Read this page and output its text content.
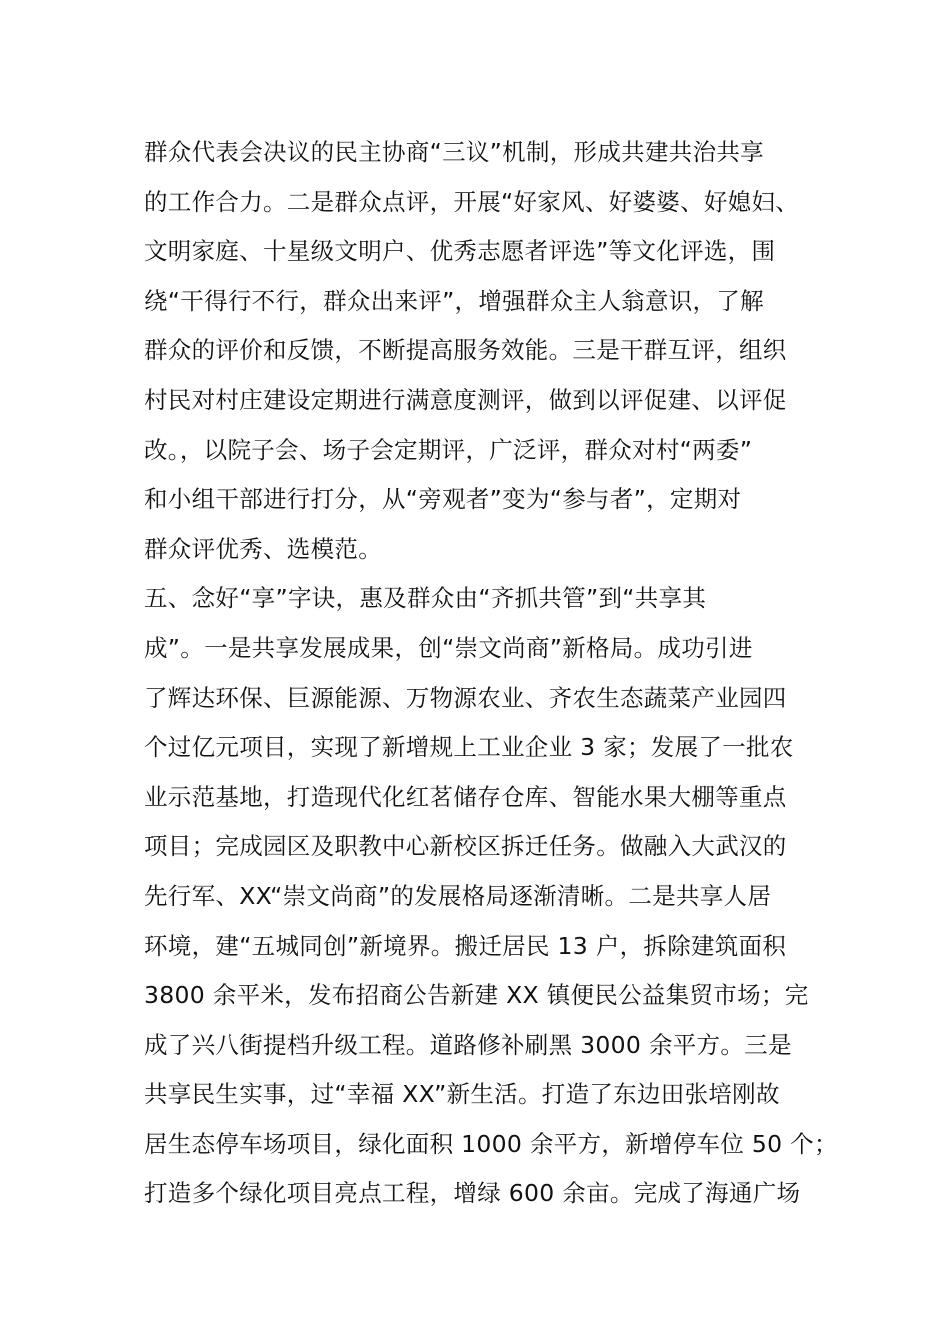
群众代表会决议的民主协商“三议”机制，形成共建共治共享
的工作合力。二是群众点评，开展“好家风、好婆婆、好媳妇、
文明家庭、十星级文明户、优秀志愿者评选”等文化评选，围
绕“干得行不行，群众出来评”，增强群众主人翁意识，了解
群众的评价和反馈，不断提高服务效能。三是干群互评，组织
村民对村庄建设定期进行满意度测评，做到以评促建、以评促
改。，以院子会、场子会定期评，广泛评，群众对村“两委”
和小组干部进行打分，从“旁观者”变为“参与者”，定期对
群众评优秀、选模范。
五、念好“享”字诀，惠及群众由“齐抓共管”到“共享其
成”。一是共享发展成果，创“崇文尚商”新格局。成功引进
了辉达环保、巨源能源、万物源农业、齐农生态蔬菜产业园四
个过亿元项目，实现了新增规上工业企业 3 家；发展了一批农
业示范基地，打造现代化红茗储存仓库、智能水果大棚等重点
项目；完成园区及职教中心新校区拆迁任务。做融入大武汉的
先行军、XX“崇文尚商”的发展格局逐渐清晰。二是共享人居
环境，建“五城同创”新境界。搬迁居民 13 户，拆除建筑面积
3800 余平米，发布招商公告新建 XX 镇便民公益集贸市场；完
成了兴八街提档升级工程。道路修补刷黑 3000 余平方。三是
共享民生实事，过“幸福 XX”新生活。打造了东边田张培刚故
居生态停车场项目，绿化面积 1000 余平方，新增停车位 50 个；
打造多个绿化项目亮点工程，增绿 600 余亩。完成了海通广场
